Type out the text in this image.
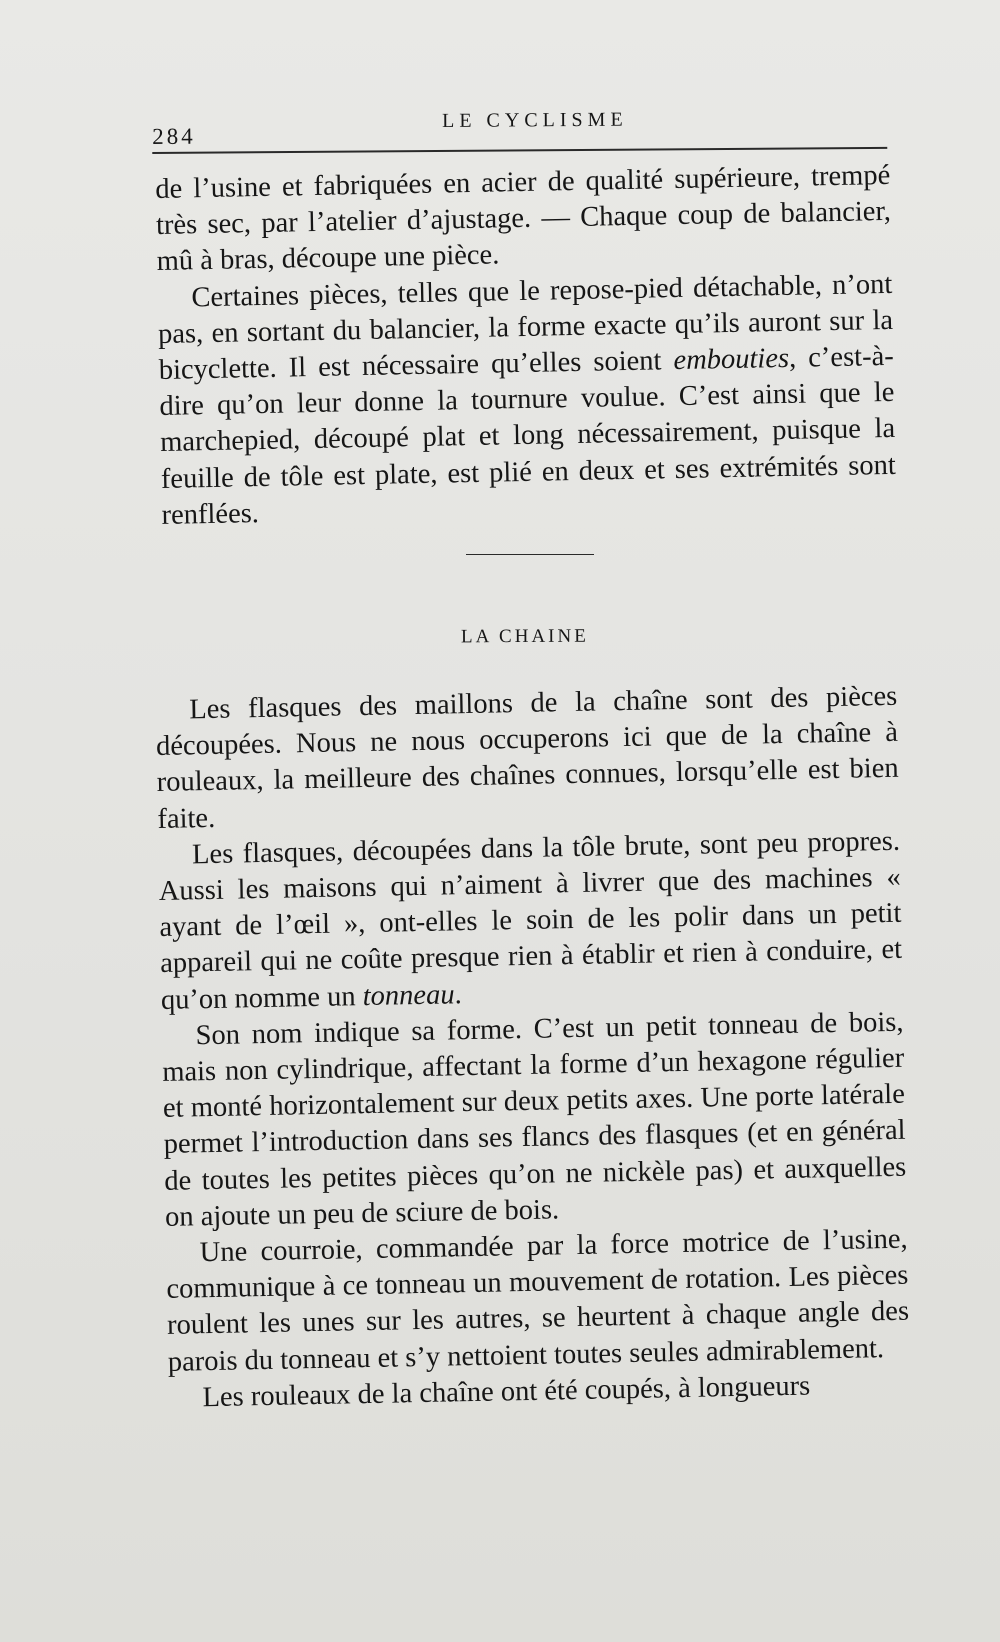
284
LE CYCLISME

de l’usine et fabriquées en acier de qualité supérieure, trempé très sec, par l’atelier d’ajustage. — Chaque coup de balancier, mû à bras, découpe une pièce.

Certaines pièces, telles que le repose-pied détachable, n’ont pas, en sortant du balancier, la forme exacte qu’ils auront sur la bicyclette. Il est nécessaire qu’elles soient embouties, c’est-à-dire qu’on leur donne la tournure voulue. C’est ainsi que le marchepied, découpé plat et long nécessairement, puisque la feuille de tôle est plate, est plié en deux et ses extrémités sont renflées.

LA CHAINE

Les flasques des maillons de la chaîne sont des pièces découpées. Nous ne nous occuperons ici que de la chaîne à rouleaux, la meilleure des chaînes connues, lorsqu’elle est bien faite.

Les flasques, découpées dans la tôle brute, sont peu propres. Aussi les maisons qui n’aiment à livrer que des machines « ayant de l’œil », ont-elles le soin de les polir dans un petit appareil qui ne coûte presque rien à établir et rien à conduire, et qu’on nomme un tonneau.

Son nom indique sa forme. C’est un petit tonneau de bois, mais non cylindrique, affectant la forme d’un hexagone régulier et monté horizontalement sur deux petits axes. Une porte latérale permet l’introduction dans ses flancs des flasques (et en général de toutes les petites pièces qu’on ne nickèle pas) et auxquelles on ajoute un peu de sciure de bois.

Une courroie, commandée par la force motrice de l’usine, communique à ce tonneau un mouvement de rotation. Les pièces roulent les unes sur les autres, se heurtent à chaque angle des parois du tonneau et s’y nettoient toutes seules admirablement.

Les rouleaux de la chaîne ont été coupés, à longueurs
